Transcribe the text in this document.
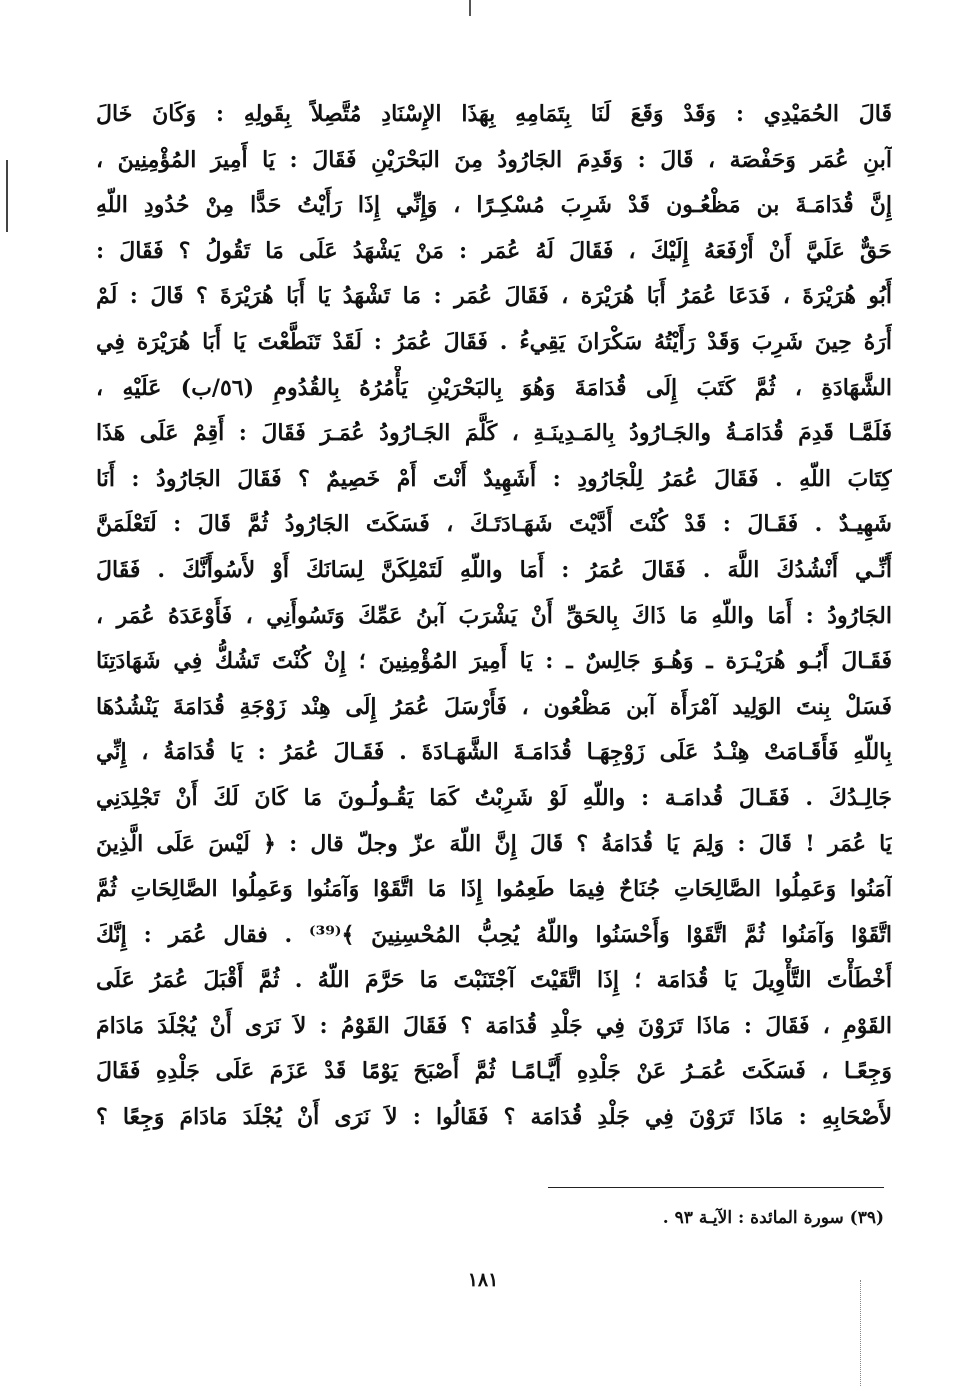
قَالَ الحُمَيْدِي : وَقَدْ وَقَعَ لَنَا بِتَمَامِهِ بِهَذَا الإِسْنَادِ مُتَّصِلاً بِقَولِهِ : وَكَانَ خَالَ
آبنِ عُمَر وَحَفْصَة ، قَالَ : وَقَدِمَ الجَارُودُ مِنَ البَحْرَيْنِ فَقَالَ : يَا أَمِيرَ المُؤْمِنِينَ ،
إِنَّ قُدَامَـةَ بن مَظْعُـون قَدْ شَرِبَ مُسْكِـرًا ، وَإِنِّي إِذَا رَأَيْتُ حَدًّا مِنْ حُدُودِ اللّهِ
حَقٌّ عَلَيَّ أَنْ أَرْفَعَهُ إِلَيْكَ ، فَقَالَ لَهُ عُمَر : مَنْ يَشْهَدُ عَلَى مَا تَقُولُ ؟ فَقَالَ :
أَبُو هُرَيْرَةَ ، فَدَعَا عُمَرُ أَبَا هُرَيْرَة ، فَقَالَ عُمَر : مَا تَشْهَدُ يَا أَبَا هُرَيْرَةَ ؟ قَالَ : لَمْ
أَرَهُ حِينَ شَرِبَ وَقَدْ رَأَيْتُهُ سَكْرَانَ يَقِيءُ . فَقَالَ عُمَرُ : لَقَدْ تَنَطَّعْتَ يَا أَبَا هُرَيْرَة فِي
الشَّهَادَةِ ، ثُمَّ كَتَبَ إِلَى قُدَامَةَ وَهُوَ بِالبَحْرَيْنِ يَأْمُرُهُ بِالقُدُومِ (٥٦/ب) عَلَيْهِ ،
فَلَمَّـا قَدِمَ قُدَامَـةُ والجَـارُودُ بِالمَـدِينَـةِ ، كَلَّمَ الجَـارُودُ عُمَـرَ فَقَالَ : أَقِمْ عَلَى هَذَا
كِتَابَ اللّهِ . فَقَالَ عُمَرُ لِلْجَارُودِ : أَشَهِيدٌ أَنْتَ أَمْ خَصِيمٌ ؟ فَقَالَ الجَارُودُ : أَنَا
شَهِيـدٌ . فَقَـالَ : قَدْ كُنْتَ أَدَّيْتَ شَهَـادَتَـكَ ، فَسَكَتَ الجَارُودُ ثُمَّ قَالَ : لَتَعْلَمَنَّ
أَنِّـي أَنْشُدُكَ اللَّهَ . فَقَالَ عُمَرُ : أَمَا واللّهِ لَتَمْلِكَنَّ لِسَانَكَ أَوْ لأَسُوأَنَّكَ . فَقَالَ
الجَارُودُ : أَمَا واللّهِ مَا ذَاكَ بِالحَقِّ أَنْ يَشْرَبَ آبنُ عَمِّكَ وَتَسُوأَنِي ، فَأَوْعَدَهُ عُمَر ،
فَقَـالَ أَبُـو هُرَيْـرَة ـ وَهُـوَ جَالِسٌ ـ : يَا أَمِيرَ المُؤْمِنِينَ ؛ إِنْ كُنْتَ تَشُكُّ فِي شَهَادَتِنَا
فَسَلْ بِنتَ الوَلِيد آمْرَأَة آبن مَظْعُون ، فَأَرْسَلَ عُمَرُ إِلَى هِنْد زَوْجَةِ قُدَامَةَ يَنْشُدُهَا
بِاللّهِ فَأَقَـامَتْ هِنْـدُ عَلَى زَوْجِهَـا قُدَامَـةَ الشَّهَـادَةَ . فَقَـالَ عُمَرُ : يَا قُدَامَةُ ، إِنِّي
جَالِـدُكَ . فَقَـالَ قُدامَـة : واللّهِ لَوْ شَرِبْتُ كَمَا يَقُـولُـونَ مَا كَانَ لَكَ أَنْ تَجْلِدَنِي
يَا عُمَر ! قَالَ : وَلِمَ يَا قُدَامَةُ ؟ قَالَ إِنَّ اللّهَ عزّ وجلّ قال : ﴿ لَيْسَ عَلَى الَّذِينَ
آمَنُوا وَعَمِلُوا الصَّالِحَاتِ جُنَاحٌ فِيمَا طَعِمُوا إِذَا مَا اتَّقَوْا وَآمَنُوا وَعَمِلُوا الصَّالِحَاتِ ثُمَّ
اتَّقَوْا وَآمَنُوا ثُمَّ اتَّقَوْا وَأَحْسَنُوا واللّهُ يُحِبُّ المُحْسِنِينَ ﴾⁽³⁹⁾ . فقال عُمَر : إِنَّكَ
أَخْطَأْتَ التَّأْوِيلَ يَا قُدَامَة ؛ إِذَا اتَّقَيْتَ آجْتَنَبْتَ مَا حَرَّمَ اللّهُ . ثُمَّ أَقْبَلَ عُمَرُ عَلَى
القَوْمِ ، فَقَالَ : مَاذَا تَرَوْنَ فِي جَلْدِ قُدَامَة ؟ فَقَالَ القَوْمُ : لاَ نَرَى أَنْ يُجْلَدَ مَادَامَ
وَجِعًـا ، فَسَكَتَ عُمَـرُ عَنْ جَلْدِهِ أَيَّـامًـا ثُمَّ أَصْبَحَ يَوْمًا قَدْ عَزَمَ عَلَى جَلْدِهِ فَقَالَ
لأَصْحَابِهِ : مَاذَا تَرَوْنَ فِي جَلْدِ قُدَامَة ؟ فَقَالُوا : لاَ نَرَى أَنْ يُجْلَدَ مَادَامَ وَجِعًا ؟
(٣٩) سورة المائدة : الآيـة ٩٣ .
١٨١
